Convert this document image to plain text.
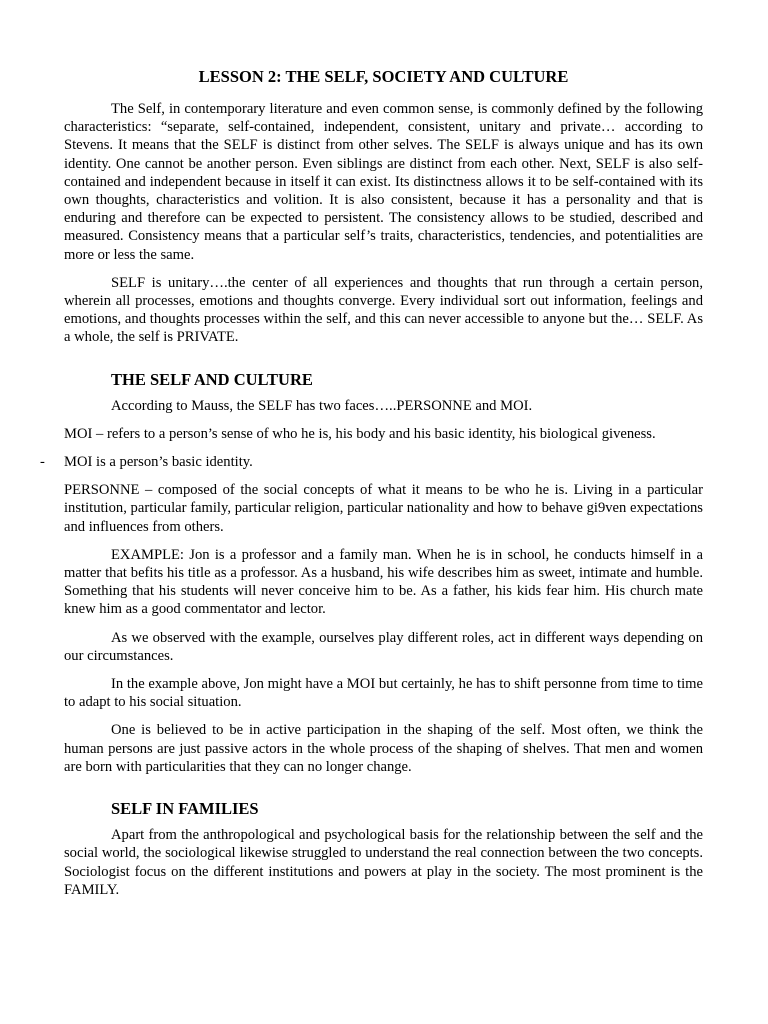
LESSON 2: THE SELF, SOCIETY AND CULTURE

The Self, in contemporary literature and even common sense, is commonly defined by the following characteristics: “separate, self-contained, independent, consistent, unitary and private… according to Stevens. It means that the SELF is distinct from other selves. The SELF is always unique and has its own identity. One cannot be another person. Even siblings are distinct from each other. Next, SELF is also self-contained and independent because in itself it can exist. Its distinctness allows it to be self-contained with its own thoughts, characteristics and volition. It is also consistent, because it has a personality and that is enduring and therefore can be expected to persistent. The consistency allows to be studied, described and measured. Consistency means that a particular self’s traits, characteristics, tendencies, and potentialities are more or less the same.

SELF is unitary….the center of all experiences and thoughts that run through a certain person, wherein all processes, emotions and thoughts converge. Every individual sort out information, feelings and emotions, and thoughts processes within the self, and this can never accessible to anyone but the… SELF. As a whole, the self is PRIVATE.

THE SELF AND CULTURE

According to Mauss, the SELF has two faces…..PERSONNE and MOI.

MOI – refers to a person’s sense of who he is, his body and his basic identity, his biological giveness.

- MOI is a person’s basic identity.

PERSONNE – composed of the social concepts of what it means to be who he is. Living in a particular institution, particular family, particular religion, particular nationality and how to behave gi9ven expectations and influences from others.

EXAMPLE: Jon is a professor and a family man. When he is in school, he conducts himself in a matter that befits his title as a professor. As a husband, his wife describes him as sweet, intimate and humble. Something that his students will never conceive him to be. As a father, his kids fear him. His church mate knew him as a good commentator and lector.

As we observed with the example, ourselves play different roles, act in different ways depending on our circumstances.

In the example above, Jon might have a MOI but certainly, he has to shift personne from time to time to adapt to his social situation.

One is believed to be in active participation in the shaping of the self. Most often, we think the human persons are just passive actors in the whole process of the shaping of shelves. That men and women are born with particularities that they can no longer change.

SELF IN FAMILIES

Apart from the anthropological and psychological basis for the relationship between the self and the social world, the sociological likewise struggled to understand the real connection between the two concepts. Sociologist focus on the different institutions and powers at play in the society. The most prominent is the FAMILY.
